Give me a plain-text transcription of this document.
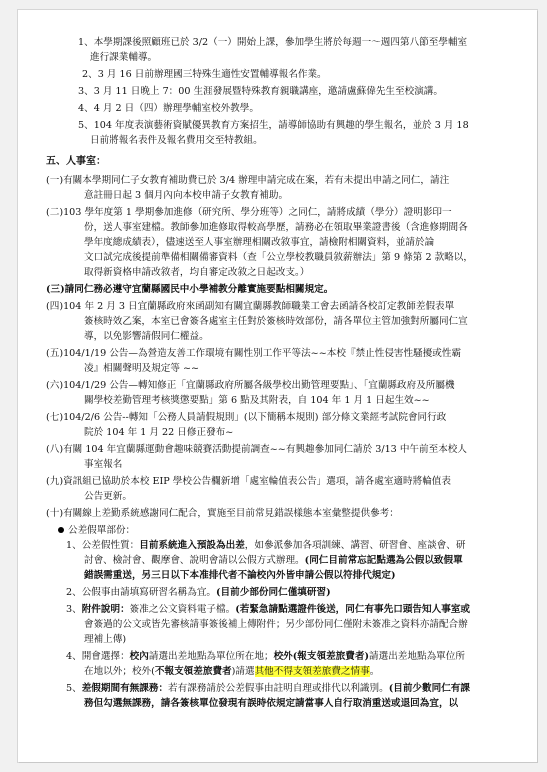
1、本學期課後照顧班已於 3/2（一）開始上課，參加學生將於每週一～週四第八節至學輔室
進行課業輔導。
2、3 月 16 日前辦理國三特殊生適性安置輔導報名作業。
3、3 月 11 日晚上 7：00 生涯發展暨特殊教育親職講座，邀請盧蘇偉先生至校演講。
4、4 月 2 日（四）辦理學輔室校外教學。
5、104 年度表演藝術資賦優異教育方案招生，請導師協助有興趣的學生報名，並於 3 月 18
日前將報名表件及報名費用交至特教組。
五、人事室：
(一)有關本學期同仁子女教育補助費已於 3/4 辦理申請完成在案，若有未提出申請之同仁，請注
意註冊日起 3 個月內向本校申請子女教育補助。
(二)103 學年度第 1 學期參加進修（研究所、學分班等）之同仁，請將成績（學分）證明影印一
份，送人事室建檔。教師參加進修取得較高學歷，請務必在領取畢業證書後（含進修期間各
學年度總成績表），儘速送至人事室辦理相關改敘事宜，請檢附相關資料，並請於論
文口試完成後提前準備相關備審資料（查「公立學校教職員敘薪辦法」第 9 條第 2 款略以，
取得新資格申請改敘者，均自審定改敘之日起改支。）
(三)請同仁務必遵守宜蘭縣國民中小學補教分離實施要點相關規定。
(四)104 年 2 月 3 日宜蘭縣政府來函副知有關宜蘭縣教師職業工會去函請各校訂定教師差假表單
簽核時效乙案，本室已會簽各處室主任對於簽核時效部份，請各單位主管加強對所屬同仁宣
導，以免影響請假同仁權益。
(五)104/1/19 公告—為營造友善工作環境有關性別工作平等法~~本校『禁止性侵害性騷擾或性霸
凌』相關聲明及規定等 ~~
(六)104/1/29 公告—轉知修正「宜蘭縣政府所屬各級學校出勤管理要點」、「宜蘭縣政府及所屬機
關學校差勤管理考核獎懲要點」第 6 點及其附表，自 104 年 1 月 1 日起生效~~
(七)104/2/6 公告--轉知「公務人員請假規則」(以下簡稱本規則) 部分條文業經考試院會同行政
院於 104 年 1 月 22 日修正發布~
(八)有關 104 年宜蘭縣運動會趣味競賽活動提前調查~~有興趣參加同仁請於 3/13 中午前至本校人
事室報名
(九)資訊組已協助於本校 EIP 學校公告欄新增「處室輪值表公告」選項，請各處室適時將輪值表
公告更新。
(十)有關線上差勤系統感謝同仁配合，實施至目前常見錯誤樣態本室彙整提供參考：
公差假單部份：
1、公差假性質：目前系統進入預設為出差，如參派參加各項訓練、講習、研習會、座談會、研
討會、檢討會、觀摩會、說明會請以公假方式辦理。(同仁目前常忘記點選為公假以致假單
錯誤需重送，另三日以下本准排代者不論校內外皆申請公假以符排代規定)
2、公假事由請填寫研習名稱為宜。(目前少部份同仁僅填研習)
3、附件說明：簽准之公文資料電子檔。(若緊急請點選證件後送，同仁有事先口頭告知人事室或
會簽過的公文或皆先審核請事簽後補上傳附件；另少部份同仁僅附未簽准之資料亦請配合辦
理補上傳)
4、開會選擇：校內請選出差地點為單位所在地；校外(報支領差旅費者)請選出差地點為單位所
在地以外；校外(不報支領差旅費者)請選其他不得支領差旅費之情事。
5、差假期間有無課務：若有課務請於公差假事由註明自理或排代以利識別。(目前少數同仁有課
務但勾選無課務，請各簽核單位發現有誤時依規定請當事人自行取消重送或退回為宜，以
